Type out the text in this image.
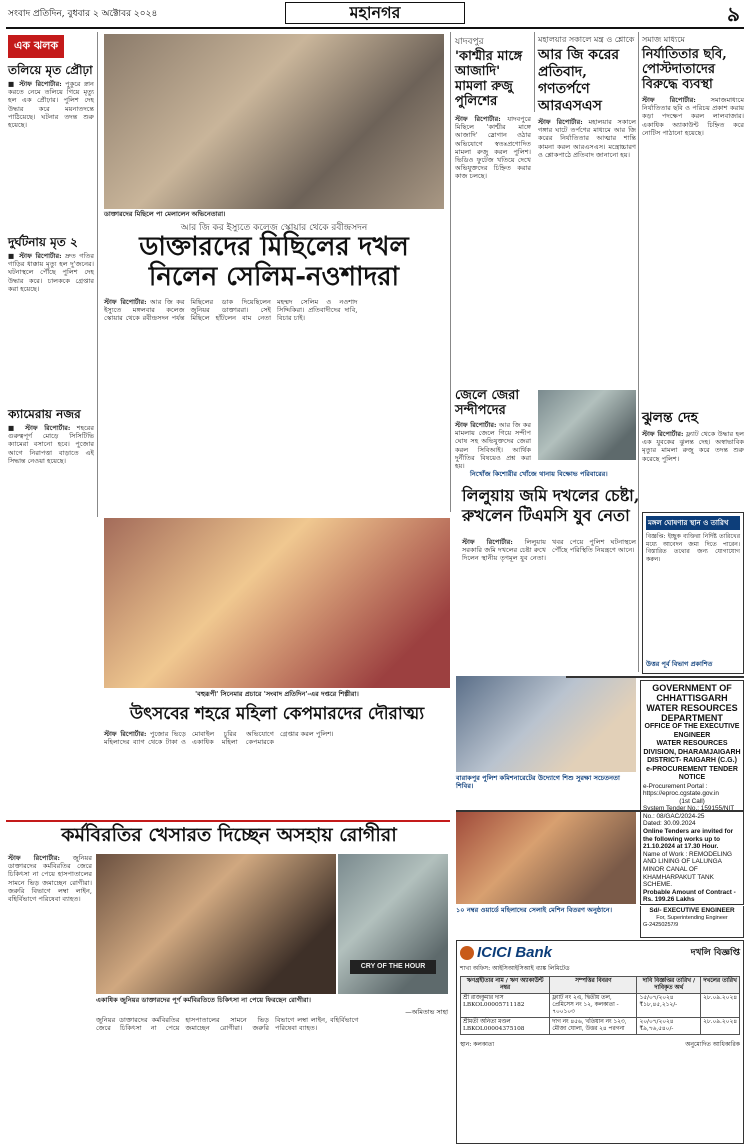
সংবাদ প্রতিদিন, বুধবার ২ অক্টোবর ২০২৪	মহানগর	৯
এক ঝলক
তলিয়ে মৃত প্রৌঢ়া
■ স্টাফ রিপোর্টার: পুকুরে স্নান করতে নেমে তলিয়ে গিয়ে মৃত্যু হল এক প্রৌঢ়ার। পুলিশ দেহ উদ্ধার করে ময়নাতদন্তে পাঠিয়েছে। ঘটনার তদন্ত শুরু হয়েছে।
দুর্ঘটনায় মৃত ২
■ স্টাফ রিপোর্টার: দ্রুত গতির গাড়ির ধাক্কায় মৃত্যু হল দু'জনের। ঘটনাস্থলে পৌঁছে পুলিশ দেহ উদ্ধার করে। চালককে গ্রেপ্তার করা হয়েছে।
ক্যামেরায় নজর
■ স্টাফ রিপোর্টার: শহরের গুরুত্বপূর্ণ মোড়ে সিসিটিভি ক্যামেরা বসানো হবে। পুজোর আগে নিরাপত্তা বাড়াতে এই সিদ্ধান্ত নেওয়া হয়েছে।
ডাক্তারদের মিছিলে পা মেলালেন অভিনেতারা।
আর জি কর ইস্যুতে কলেজ স্কোয়ার থেকে রবীন্দ্রসদন
ডাক্তারদের মিছিলের দখল নিলেন সেলিম-নওশাদরা
স্টাফ রিপোর্টার: আর জি কর ইস্যুতে মঙ্গলবার কলেজ স্কোয়ার থেকে রবীন্দ্রসদন পর্যন্ত মিছিলের ডাক দিয়েছিলেন জুনিয়র ডাক্তাররা। সেই মিছিলে হাঁটলেন বাম নেতা মহম্মদ সেলিম ও নওশাদ সিদ্দিকিরা। প্রতিবাদীদের দাবি, বিচার চাই।
যাদবপুর
'কাশ্মীর মাঙ্গে আজাদি' মামলা রুজু পুলিশের
মহালয়ার সকালে মন্ত্র ও শ্লোকে
আর জি করের প্রতিবাদ, গণতর্পণে আরএসএস
সমাজ মাধ্যমে
নির্যাতিতার ছবি, পোস্টদাতাদের বিরুদ্ধে ব্যবস্থা
স্টাফ রিপোর্টার: যাদবপুরে মিছিলে 'কাশ্মীর মাঙ্গে আজাদি' স্লোগান ওঠার অভিযোগে স্বতঃপ্রণোদিত মামলা রুজু করল পুলিশ। ভিডিও ফুটেজ খতিয়ে দেখে অভিযুক্তদের চিহ্নিত করার কাজ চলছে।
স্টাফ রিপোর্টার: মহালয়ার সকালে গঙ্গার ঘাটে তর্পণের মাধ্যমে আর জি করের নির্যাতিতার আত্মার শান্তি কামনা করল আরএসএস। মন্ত্রোচ্চারণ ও শ্লোকপাঠে প্রতিবাদ জানানো হয়।
স্টাফ রিপোর্টার: সমাজমাধ্যমে নির্যাতিতার ছবি ও পরিচয় প্রকাশ করায় কড়া পদক্ষেপ করল লালবাজার। একাধিক অ্যাকাউন্ট চিহ্নিত করে নোটিস পাঠানো হয়েছে।
জেলে জেরা সন্দীপদের
স্টাফ রিপোর্টার: আর জি কর মামলায় জেলে গিয়ে সন্দীপ ঘোষ সহ অভিযুক্তদের জেরা করল সিবিআই। আর্থিক দুর্নীতির বিষয়েও প্রশ্ন করা হয়।
নিখোঁজ কিশোরীর খোঁজে থানায় বিক্ষোভ পরিবারের।
ঝুলন্ত দেহ
স্টাফ রিপোর্টার: ফ্ল্যাট থেকে উদ্ধার হল এক যুবকের ঝুলন্ত দেহ। অস্বাভাবিক মৃত্যুর মামলা রুজু করে তদন্ত শুরু করেছে পুলিশ।
লিলুয়ায় জমি দখলের চেষ্টা, রুখলেন টিএমসি যুব নেতা
স্টাফ রিপোর্টার: লিলুয়ায় সরকারি জমি দখলের চেষ্টা রুখে দিলেন স্থানীয় তৃণমূল যুব নেতা। খবর পেয়ে পুলিশ ঘটনাস্থলে পৌঁছে পরিস্থিতি নিয়ন্ত্রণে আনে।
মঙ্গল ঘোষণার স্থান ও তারিখ
বিজ্ঞপ্তি: ইচ্ছুক ব্যক্তিরা নির্দিষ্ট তারিখের মধ্যে আবেদন জমা দিতে পারেন। বিস্তারিত তথ্যের জন্য যোগাযোগ করুন।
উত্তর পূর্ব বিভাগ প্রকাশিত
'বহুরূপী' সিনেমার প্রচারে 'সংবাদ প্রতিদিন'-এর দপ্তরে শিল্পীরা।
উৎসবের শহরে মহিলা কেপমারদের দৌরাত্ম্য
স্টাফ রিপোর্টার: পুজোর ভিড়ে মহিলাদের ব্যাগ থেকে টাকা ও মোবাইল চুরির অভিযোগে একাধিক মহিলা কেপমারকে গ্রেপ্তার করল পুলিশ।
বারাকপুর পুলিশ কমিশনারেটের উদ্যোগে শিশু সুরক্ষা সচেতনতা শিবির।
GOVERNMENT OF CHHATTISGARH
WATER RESOURCES DEPARTMENT
OFFICE OF THE EXECUTIVE ENGINEER
WATER RESOURCES DIVISION, DHARAMJAIGARH
DISTRICT- RAIGARH (C.G.)
e-PROCUREMENT TENDER NOTICE
e-Procurement Portal : https://eproc.cgstate.gov.in
(1st Call)
System Tender No.: 159155/NIT No.: 08/GAC/2024-25
Dated: 30.09.2024
Online Tenders are invited for the following works up to 21.10.2024 at 17.30 Hour.
Name of Work : REMODELING AND LINING OF LALUNGA MINOR CANAL OF KHAMHARPAKUT TANK SCHEME.
Probable Amount of Contract - Rs. 199.26 Lakhs
১০ নম্বর ওয়ার্ডে মহিলাদের সেলাই মেশিন বিতরণ অনুষ্ঠানে।
কর্মবিরতির খেসারত দিচ্ছেন অসহায় রোগীরা
স্টাফ রিপোর্টার: জুনিয়র ডাক্তারদের কর্মবিরতির জেরে চিকিৎসা না পেয়ে হাসপাতালের সামনে ভিড় জমাচ্ছেন রোগীরা। জরুরি বিভাগে লম্বা লাইন, বহির্বিভাগে পরিষেবা ব্যাহত।
CRY OF THE HOUR
একাধিক জুনিয়র ডাক্তারদের পূর্ণ কর্মবিরতিতে চিকিৎসা না পেয়ে ফিরছেন রোগীরা।
—অমিতাভ সাহা
জুনিয়র ডাক্তারদের কর্মবিরতির জেরে চিকিৎসা না পেয়ে হাসপাতালের সামনে ভিড় জমাচ্ছেন রোগীরা। জরুরি বিভাগে লম্বা লাইন, বহির্বিভাগে পরিষেবা ব্যাহত।
Sd/- EXECUTIVE ENGINEER
For, Superintending Engineer
G-24250257/9
ICICI Bank	দখলি বিজ্ঞপ্তি
শাখা অফিস: আইসিআইসিআই ব্যাঙ্ক লিমিটেড
ঋণগ্রহীতার নাম / ঋণ অ্যাকাউন্ট নম্বর	সম্পত্তির বিবরণ	দাবি বিজ্ঞপ্তির তারিখ / দাবিকৃত অর্থ	দখলের তারিখ
শ্রী রাজকুমার দাস LBKOL00005711182	ফ্ল্যাট নং ২এ, দ্বিতীয় তল, প্রেমিসেস নং ১২, কলকাতা - ৭০০১০৩	১৫/০৭/২০২৪ ₹১৮,৪৫,২১২/-	২৮.০৯.২০২৪
শ্রীমতী অনিতা মণ্ডল LBKOL00004375108	দাগ নং ৪৫৬, খতিয়ান নং ১২৩, মৌজা ঘোলা, উত্তর ২৪ পরগনা	২০/০৭/২০২৪ ₹৯,৭৬,৫৪০/-	২৮.০৯.২০২৪
স্থান: কলকাতা	অনুমোদিত আধিকারিক
